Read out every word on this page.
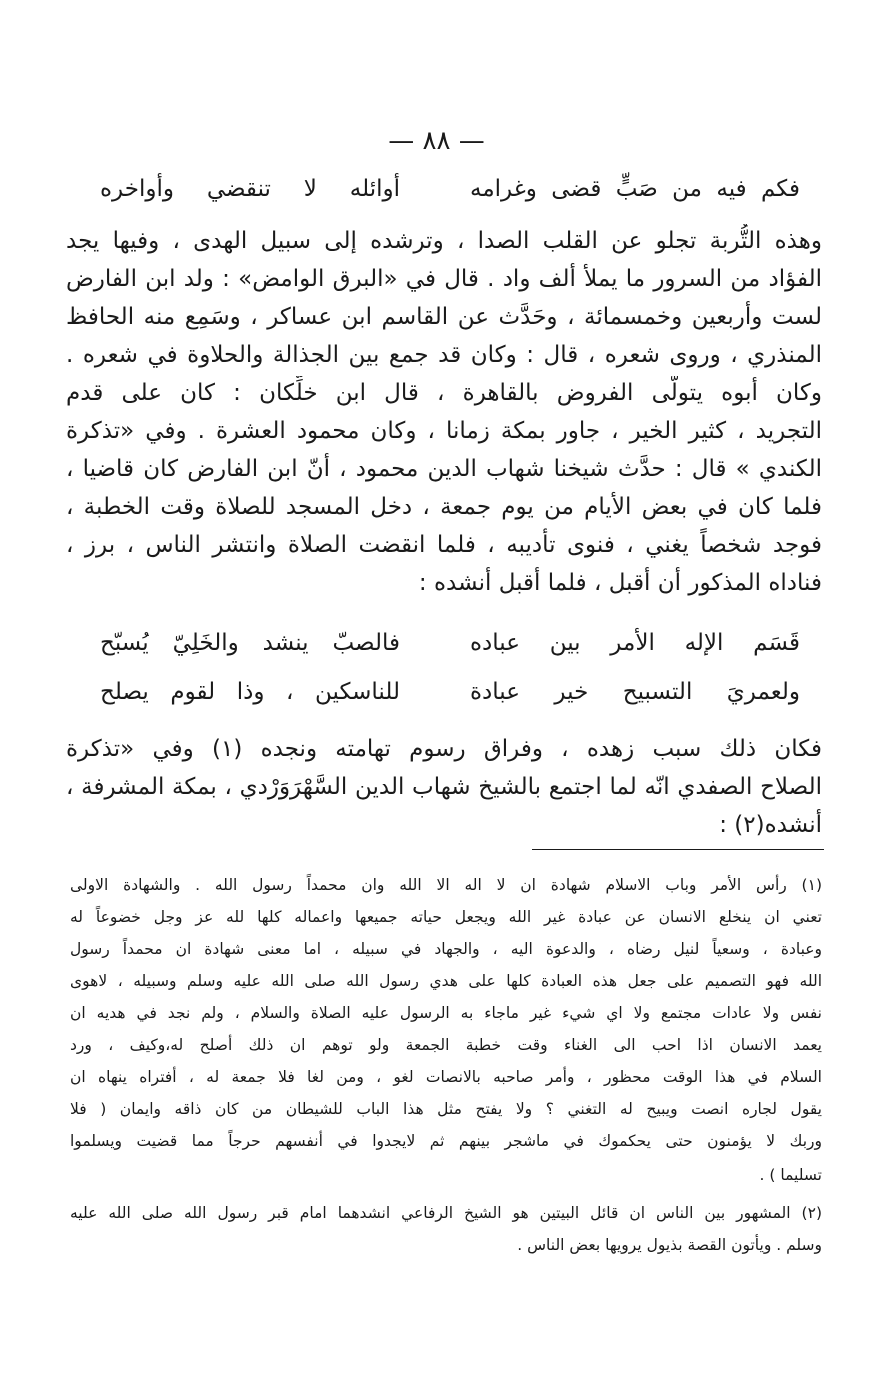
— ٨٨ —
فكم فيه من صَبٍّ قضى وغرامه
أوائله لا تنقضي وأواخره
وهذه التُّربة تجلو عن القلب الصدا ، وترشده إلى سبيل الهدى ، وفيها يجد
الفؤاد من السرور ما يملأ ألف واد . قال في «البرق الوامض» : ولد ابن الفارض
لست وأربعين وخمسمائة ، وحَدَّث عن القاسم ابن عساكر ، وسَمِع منه الحافظ
المنذري ، وروى شعره ، قال : وكان قد جمع بين الجذالة والحلاوة في شعره .
وكان أبوه يتولّى الفروض بالقاهرة ، قال ابن خلِّكان : كان على قدم
التجريد ، كثير الخير ، جاور بمكة زمانا ، وكان محمود العشرة . وفي «تذكرة
الكندي » قال : حدَّث شيخنا شهاب الدين محمود ، أنّ ابن الفارض كان قاضيا ،
فلما كان في بعض الأيام من يوم جمعة ، دخل المسجد للصلاة وقت الخطبة ،
فوجد شخصاً يغني ، فنوى تأديبه ، فلما انقضت الصلاة وانتشر الناس ، برز ،
فناداه المذكور أن أقبل ، فلما أقبل أنشده :
قَسَم الإله الأمر بين عباده
فالصبّ ينشد والخَلِيّ يُسبّح
ولعمريَ التسبيح خير عبادة
للناسكين ، وذا لقوم يصلح
فكان ذلك سبب زهده ، وفراق رسوم تهامته ونجده (١) وفي «تذكرة
الصلاح الصفدي انّه لما اجتمع بالشيخ شهاب الدين السَّهْرَوَرْدي ، بمكة المشرفة ،
أنشده(٢) :
(١) رأس الأمر وباب الاسلام شهادة ان لا اله الا الله وان محمداً رسول الله . والشهادة الاولى
تعني ان ينخلع الانسان عن عبادة غير الله ويجعل حياته جميعها واعماله كلها لله عز وجل خضوعاً له
وعبادة ، وسعياً لنيل رضاه ، والدعوة اليه ، والجهاد في سبيله ، اما معنى شهادة ان محمداً رسول
الله فهو التصميم على جعل هذه العبادة كلها على هدي رسول الله صلى الله عليه وسلم وسبيله ، لاهوى
نفس ولا عادات مجتمع ولا اي شيء غير ماجاء به الرسول عليه الصلاة والسلام ، ولم نجد في هديه ان
يعمد الانسان اذا احب الى الغناء وقت خطبة الجمعة ولو توهم ان ذلك أصلح له،وكيف ، ورد
السلام في هذا الوقت محظور ، وأمر صاحبه بالانصات لغو ، ومن لغا فلا جمعة له ، أفتراه ينهاه ان
يقول لجاره انصت ويبيح له التغني ؟ ولا يفتح مثل هذا الباب للشيطان من كان ذاقه وايمان ( فلا
وربك لا يؤمنون حتى يحكموك في ماشجر بينهم ثم لايجدوا في أنفسهم حرجاً مما قضيت ويسلموا
تسليما ) .
(٢) المشهور بين الناس ان قائل البيتين هو الشيخ الرفاعي انشدهما امام قبر رسول الله صلى الله عليه
وسلم . ويأتون القصة بذيول يرويها بعض الناس .
